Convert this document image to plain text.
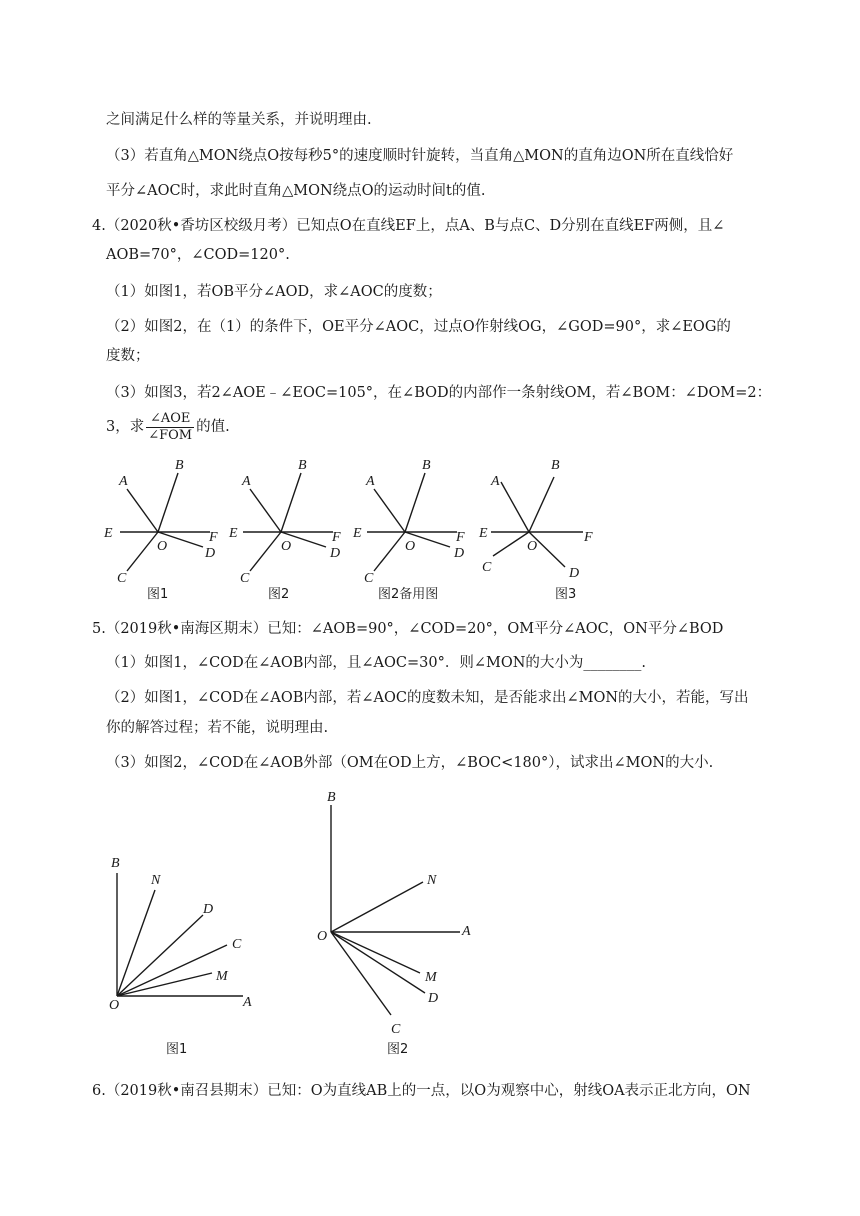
之间满足什么样的等量关系，并说明理由.
（3）若直角△MON绕点O按每秒5°的速度顺时针旋转，当直角△MON的直角边ON所在直线恰好
平分∠AOC时，求此时直角△MON绕点O的运动时间t的值.
4.（2020秋•香坊区校级月考）已知点O在直线EF上，点A、B与点C、D分别在直线EF两侧，且∠
AOB=70°，∠COD=120°.
（1）如图1，若OB平分∠AOD，求∠AOC的度数；
（2）如图2，在（1）的条件下，OE平分∠AOC，过点O作射线OG，∠GOD=90°，求∠EOG的
度数；
（3）如图3，若2∠AOE﹣∠EOC=105°，在∠BOD的内部作一条射线OM，若∠BOM：∠DOM=2：
3，求 $\frac{\text{∠AOE}}{\text{∠FOM}}$ 的值.
A
B
E	F
O	D
C
图1
A
B
E	F
O	D
C
图2
A
B
E	F
O	D
C
图2备用图
A
B
E	F
O
C	D
图3
5.（2019秋•南海区期末）已知：∠AOB=90°，∠COD=20°，OM平分∠AOC，ON平分∠BOD
（1）如图1，∠COD在∠AOB内部，且∠AOC=30°．则∠MON的大小为________.
（2）如图1，∠COD在∠AOB内部，若∠AOC的度数未知，是否能求出∠MON的大小，若能，写出
你的解答过程；若不能，说明理由.
（3）如图2，∠COD在∠AOB外部（OM在OD上方，∠BOC<180°），试求出∠MON的大小.
B
N
D
C
M
A
O
图1
B
N
O	A
M
D
C
图2
6.（2019秋•南召县期末）已知：O为直线AB上的一点，以O为观察中心，射线OA表示正北方向，ON
